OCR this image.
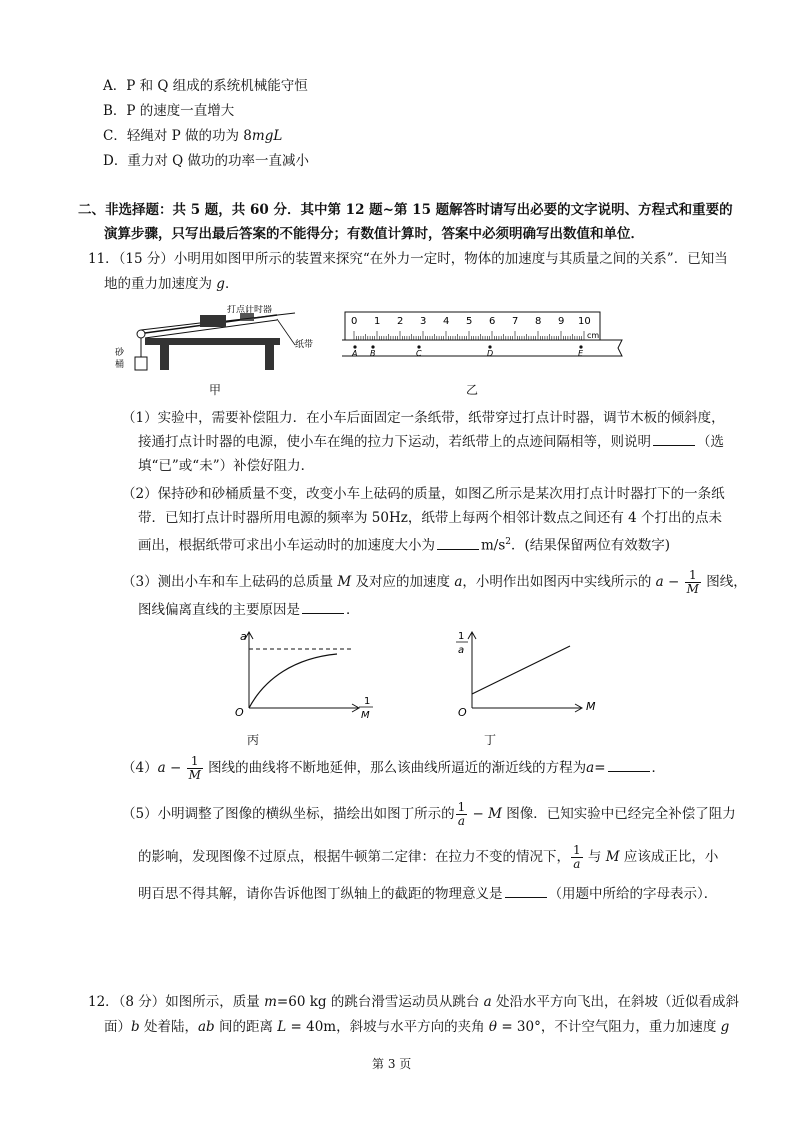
A．P 和 Q 组成的系统机械能守恒
B．P 的速度一直增大
C．轻绳对 P 做的功为 8mgL
D．重力对 Q 做功的功率一直减小
二、非选择题：共 5 题，共 60 分．其中第 12 题~第 15 题解答时请写出必要的文字说明、方程式和重要的
演算步骤，只写出最后答案的不能得分；有数值计算时，答案中必须明确写出数值和单位．
11．（15 分）小明用如图甲所示的装置来探究“在外力一定时，物体的加速度与其质量之间的关系”．已知当
地的重力加速度为 g．
打点计时器
纸带
砂
桶
甲
0 1 2 3 4 5 6 7 8 9 10
cm
A B	C	D	E
乙
（1）实验中，需要补偿阻力．在小车后面固定一条纸带，纸带穿过打点计时器，调节木板的倾斜度，
接通打点计时器的电源，使小车在绳的拉力下运动，若纸带上的点迹间隔相等，则说明	（选
填“已”或“未”）补偿好阻力．
（2）保持砂和砂桶质量不变，改变小车上砝码的质量，如图乙所示是某次用打点计时器打下的一条纸
带．已知打点计时器所用电源的频率为 50Hz，纸带上每两个相邻计数点之间还有 4 个打出的点未
画出，根据纸带可求出小车运动时的加速度大小为	$m/s^2$．(结果保留两位有效数字)
（3）测出小车和车上砝码的总质量 M 及对应的加速度 a，小明作出如图丙中实线所示的 $a - \frac{1}{M}$ 图线，
图线偏离直线的主要原因是	．
a
O
1
M
丙
1
a
O	M
丁
$(4)a - \frac{1}{M}$ 图线的曲线将不断地延伸，那么该曲线所逼近的渐近线的方程为a=	．
（5）小明调整了图像的横纵坐标，描绘出如图丁所示的 $\frac{1}{a} - M$ 图像．已知实验中已经完全补偿了阻力
的影响，发现图像不过原点，根据牛顿第二定律：在拉力不变的情况下， $\frac{1}{a}$ 与 M 应该成正比，小
明百思不得其解，请你告诉他图丁纵轴上的截距的物理意义是	（用题中所给的字母表示）．
12．（8 分）如图所示，质量 m=60 kg 的跳台滑雪运动员从跳台 a 处沿水平方向飞出，在斜坡（近似看成斜
面）b 处着陆，ab 间的距离 L = 40m，斜坡与水平方向的夹角 θ = 30°，不计空气阻力，重力加速度 g
第 3 页
